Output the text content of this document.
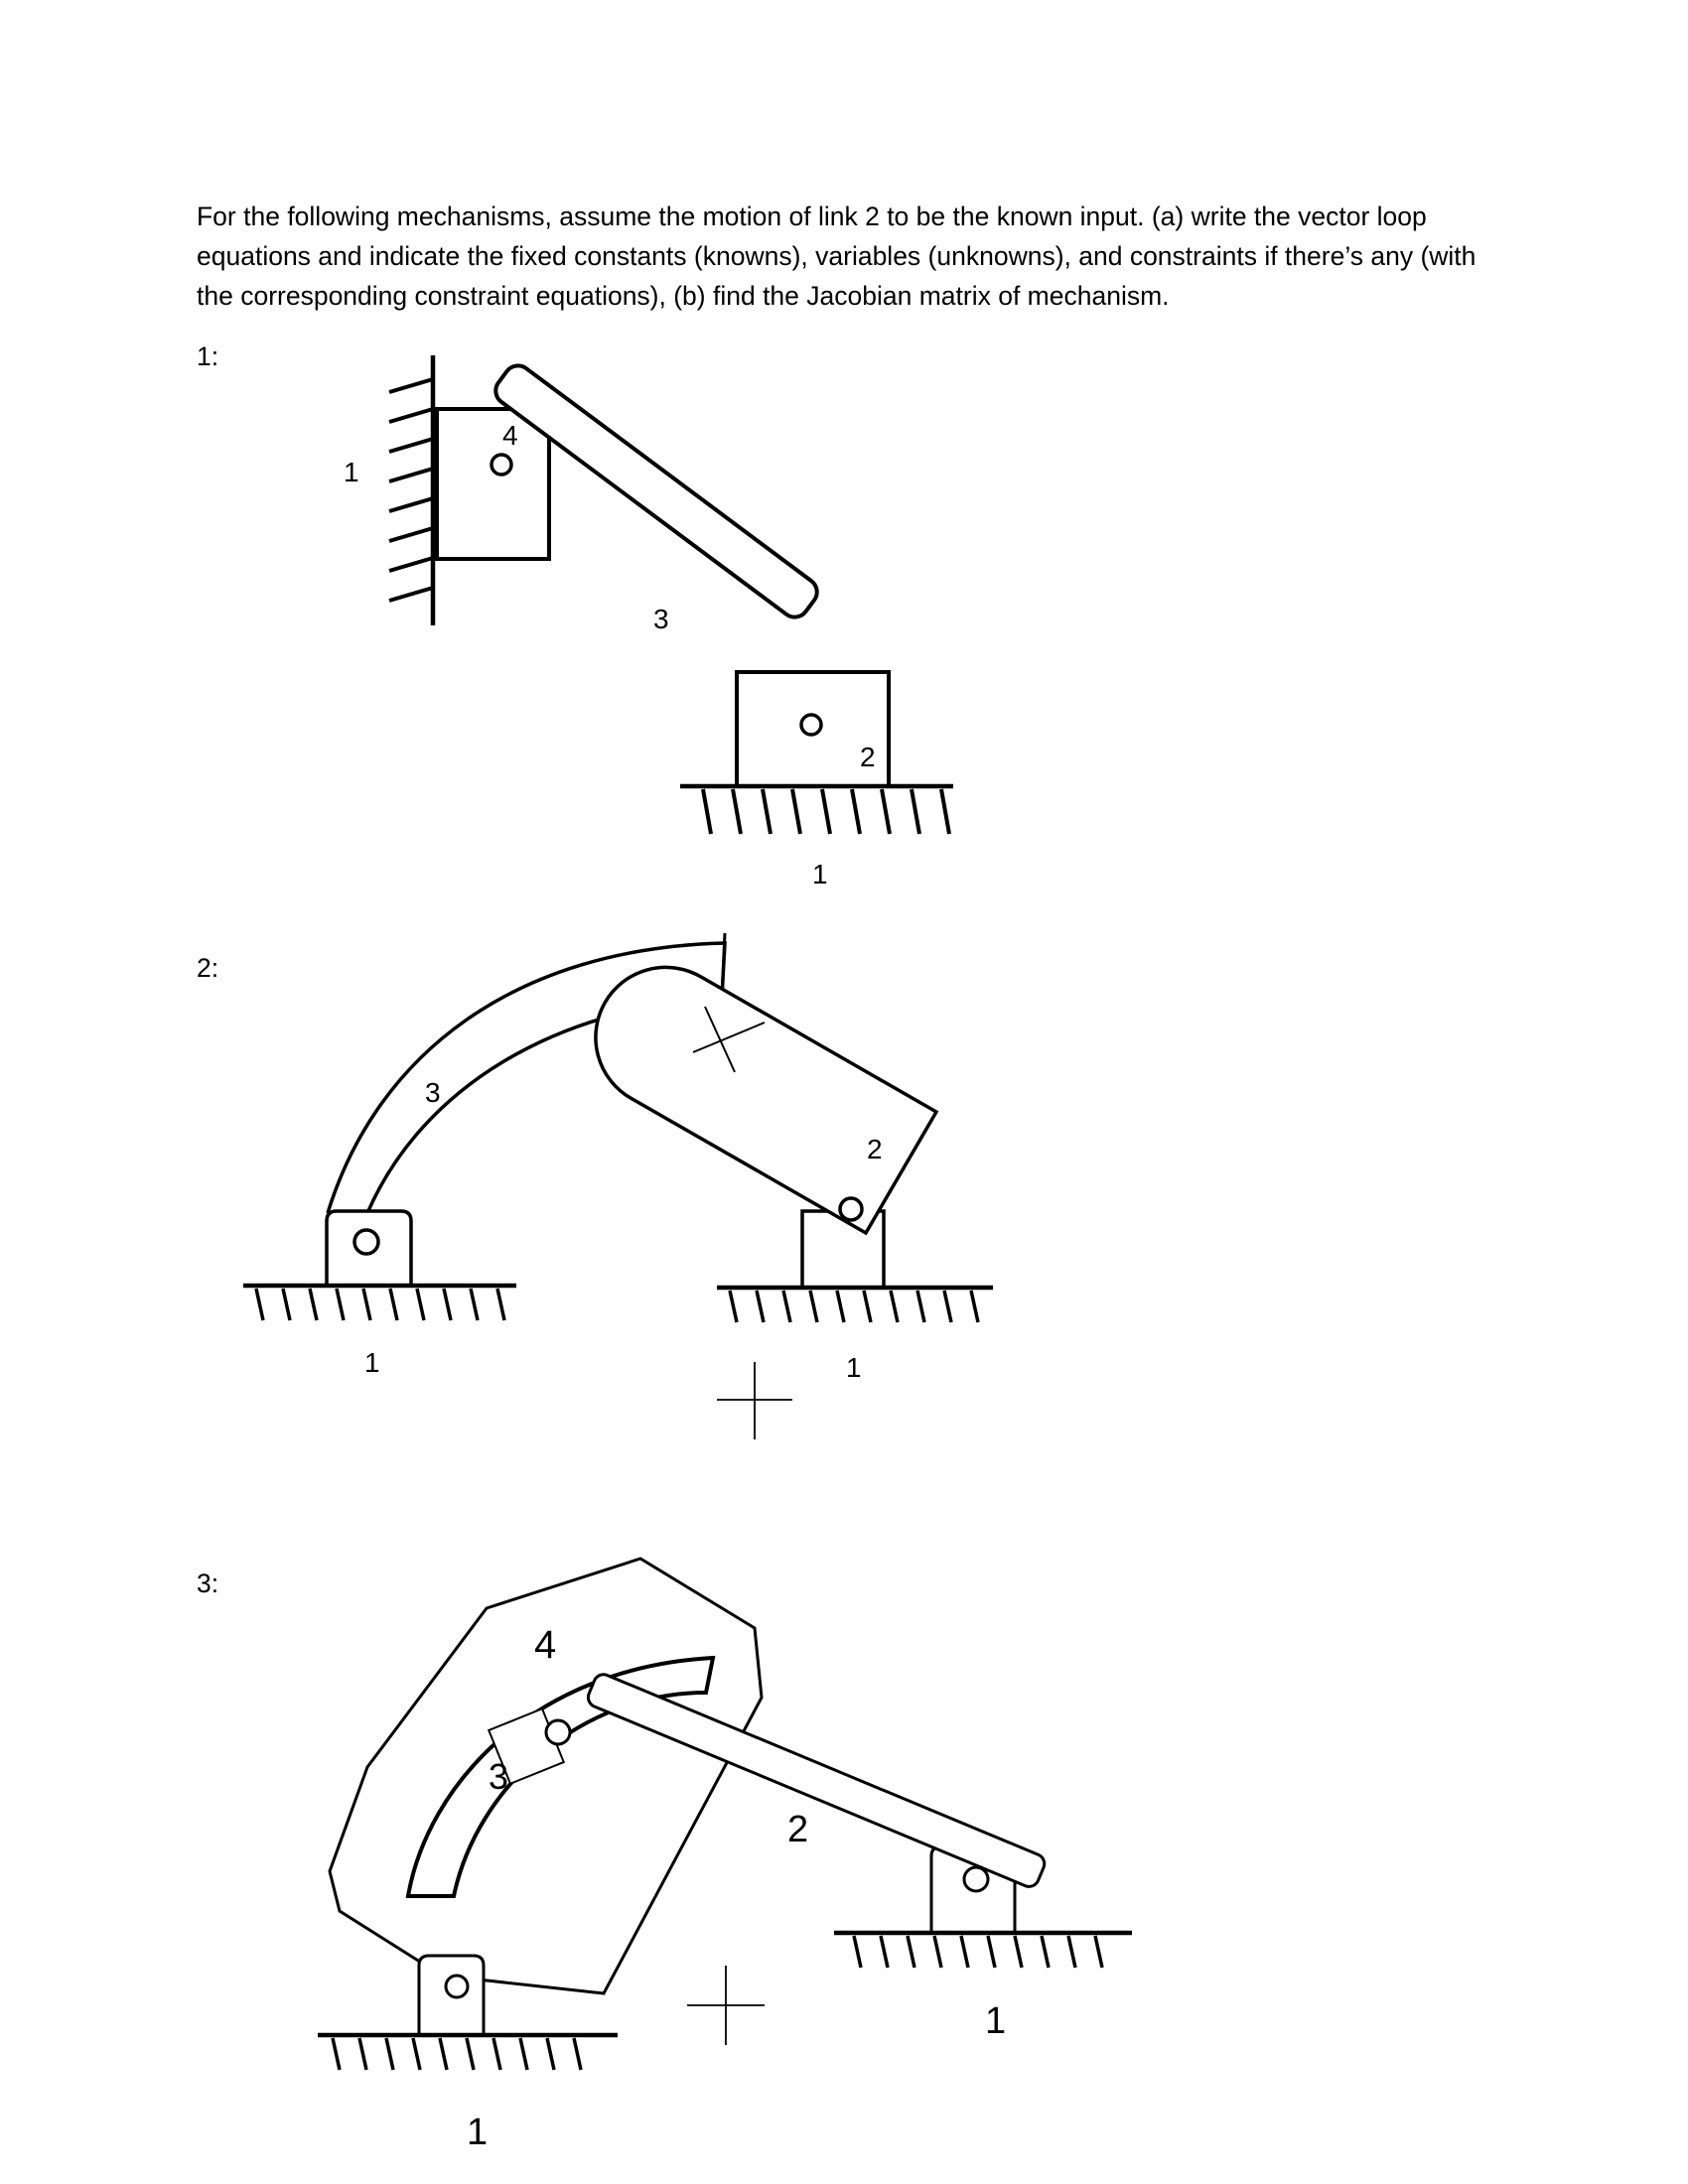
For the following mechanisms, assume the motion of link 2 to be the known input. (a) write the vector loop equations and indicate the fixed constants (knowns), variables (unknowns), and constraints if there’s any (with the corresponding constraint equations), (b) find the Jacobian matrix of mechanism.

1:
1
4
3
2
1
2:
3
2
1	1
3:
4
3
2
1
1
